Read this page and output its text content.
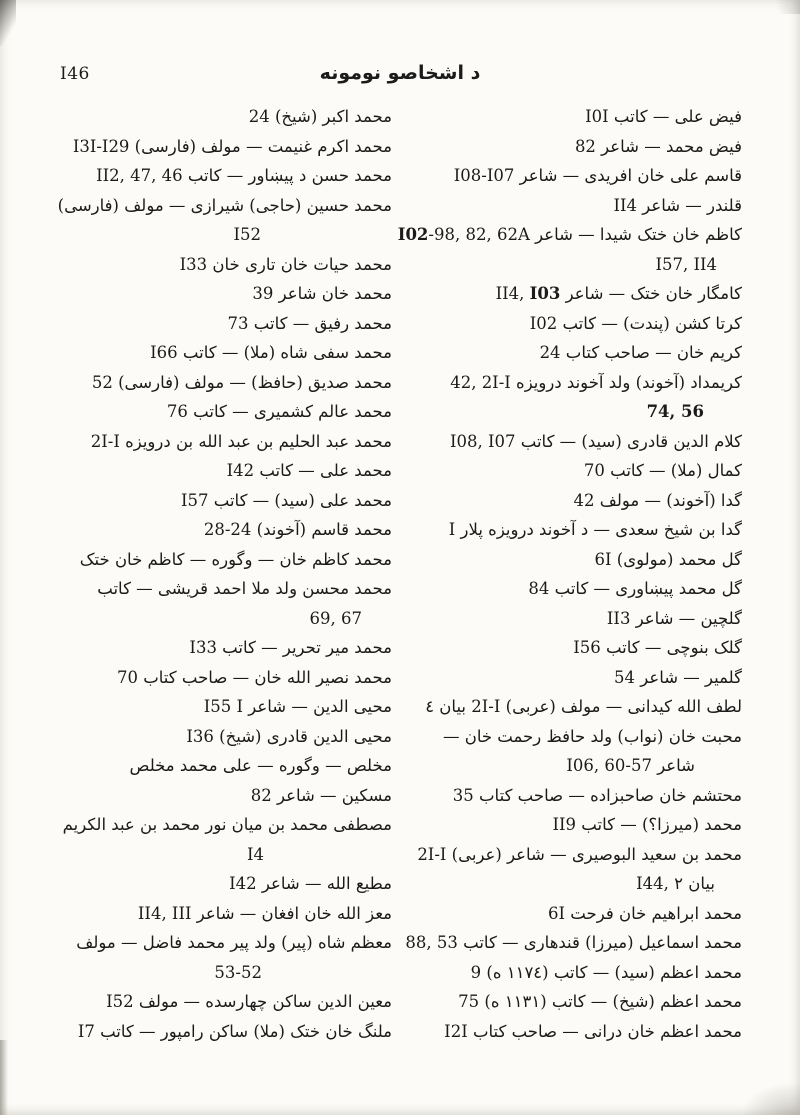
I46	د اشخاصو نومونه
فيض على — كاتب I0I
فيض محمد — شاعر 82
قاسم على خان افريدى — شاعر I08-I07
قلندر — شاعر II4
كاظم خان ختک شيدا — شاعر -98, 82, 62AI02
I57, II4
كامگار خان ختک — شاعر I03II4,
كرتا كشن (پندت) — كاتب I02
كريم خان — صاحب كتاب 24
كريمداد (آخوند) ولد آخوند درويزه 42, 2I-I
74, 56
كلام الدين قادرى (سيد) — كاتب I08, I07
كمال (ملا) — كاتب 70
گدا (آخوند) — مولف 42
گدا بن شيخ سعدى — د آخوند درويزه پلار I
گل محمد (مولوى) 6I
گل محمد پيښاورى — كاتب 84
گلچين — شاعر II3
گلک بنوچى — كاتب I56
گلمير — شاعر 54
لطف الله كيدانى — مولف (عربى) 2I-I بيان ٤
محبت خان (نواب) ولد حافظ رحمت خان —
شاعر I06, 60-57
محتشم خان صاحبزاده — صاحب كتاب 35
محمد (ميرزا؟) — كاتب II9
محمد بن سعيد البوصيرى — شاعر (عربى) 2I-I
بيان ٢ I44,
محمد ابراهيم خان فرحت 6I
محمد اسماعيل (ميرزا) قندهارى — كاتب 88, 53
محمد اعظم (سيد) — كاتب (١١٧٤ ه) 9
محمد اعظم (شيخ) — كاتب (١١٣١ ه) 75
محمد اعظم خان درانى — صاحب كتاب I2I
محمد اكبر (شيخ) 24
محمد اكرم غنيمت — مولف (فارسى) I3I-I29
محمد حسن د پيښاور — كاتب II2, 47, 46
محمد حسين (حاجى) شيرازى — مولف (فارسى)
I52
محمد حيات خان تارى خان I33
محمد خان شاعر 39
محمد رفيق — كاتب 73
محمد سفى شاه (ملا) — كاتب I66
محمد صديق (حافظ) — مولف (فارسى) 52
محمد عالم كشميرى — كاتب 76
محمد عبد الحليم بن عبد الله بن درويزه 2I-I
محمد على — كاتب I42
محمد على (سيد) — كاتب I57
محمد قاسم (آخوند) 28-24
محمد كاظم خان — وگوره — كاظم خان ختک
محمد محسن ولد ملا احمد قريشى — كاتب
69, 67
محمد مير تحرير — كاتب I33
محمد نصير الله خان — صاحب كتاب 70
محيى الدين — شاعر I55 I
محيى الدين قادرى (شيخ) I36
مخلص — وگوره — على محمد مخلص
مسكين — شاعر 82
مصطفى محمد بن ميان نور محمد بن عبد الكريم
I4
مطيع الله — شاعر I42
معز الله خان افغان — شاعر II4, III
معظم شاه (پير) ولد پير محمد فاضل — مولف
53-52
معين الدين ساكن چهارسده — مولف I52
ملنگ خان ختک (ملا) ساكن رامپور — كاتب I7
